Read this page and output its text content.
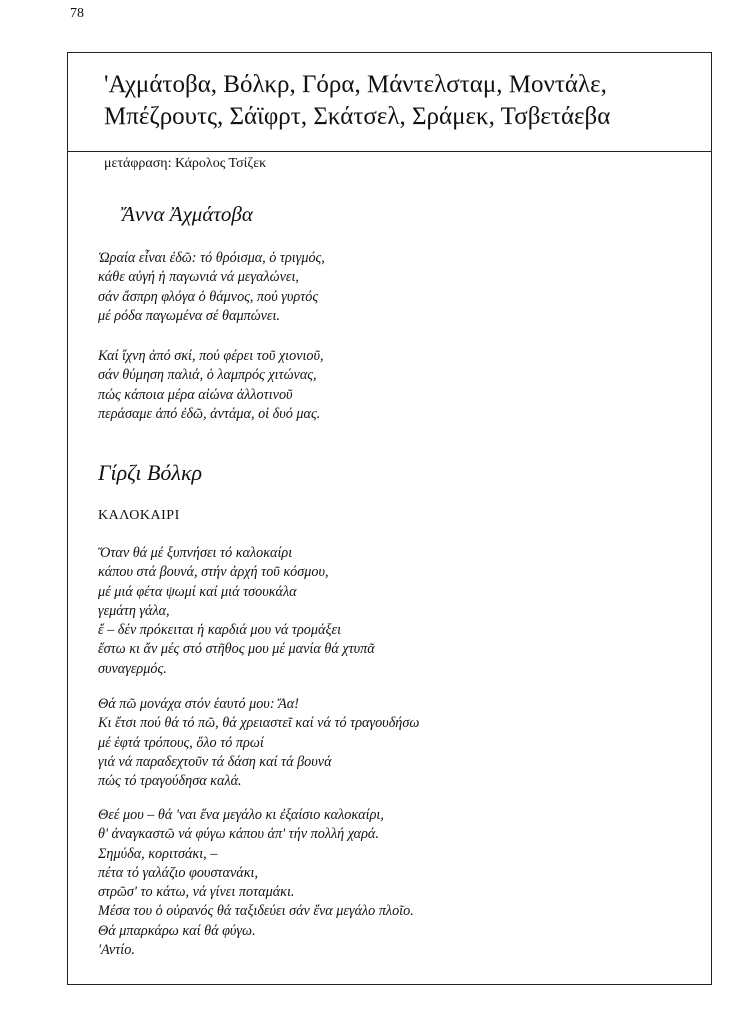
78
'Αχμάτοβα, Βόλκρ, Γόρα, Μάντελσταμ, Μοντάλε,
Μπέζρουτς, Σάϊφρτ, Σκάτσελ, Σράμεκ, Τσβετάεβα
μετάφραση: Κάρολος Τσίζεκ
Ἄννα Ἀχμάτοβα
Ὡραία εἶναι ἐδῶ: τό θρόισμα, ὁ τριγμός,
κάθε αὐγή ἡ παγωνιά νά μεγαλώνει,
σάν ἄσπρη φλόγα ὁ θάμνος, πού γυρτός
μέ ρόδα παγωμένα σέ θαμπώνει.
Καί ἴχνη ἀπό σκί, πού φέρει τοῦ χιονιοῦ,
σάν θύμηση παλιά, ὁ λαμπρός χιτώνας,
πώς κάποια μέρα αἰώνα ἀλλοτινοῦ
περάσαμε ἀπό ἐδῶ, ἀντάμα, οἱ δυό μας.
Γίρζι Βόλκρ
ΚΑΛΟΚΑΙΡΙ
Ὅταν θά μέ ξυπνήσει τό καλοκαίρι
κάπου στά βουνά, στήν ἀρχή τοῦ κόσμου,
μέ μιά φέτα ψωμί καί μιά τσουκάλα
γεμάτη γάλα,
ἔ – δέν πρόκειται ἡ καρδιά μου νά τρομάξει
ἔστω κι ἄν μές στό στῆθος μου μέ μανία θά χτυπᾶ
συναγερμός.
Θά πῶ μονάχα στόν ἑαυτό μου: Ἄα!
Κι ἔτσι πού θά τό πῶ, θά χρειαστεῖ καί νά τό τραγουδήσω
μέ ἑφτά τρόπους, ὅλο τό πρωί
γιά νά παραδεχτοῦν τά δάση καί τά βουνά
πώς τό τραγούδησα καλά.
Θεέ μου – θά 'ναι ἕνα μεγάλο κι ἐξαίσιο καλοκαίρι,
θ' ἀναγκαστῶ νά φύγω κάπου ἀπ' τήν πολλή χαρά.
Σημύδα, κοριτσάκι, –
πέτα τό γαλάζιο φουστανάκι,
στρῶσ' το κάτω, νά γίνει ποταμάκι.
Μέσα του ὁ οὐρανός θά ταξιδεύει σάν ἕνα μεγάλο πλοῖο.
Θά μπαρκάρω καί θά φύγω.
'Αντίο.
